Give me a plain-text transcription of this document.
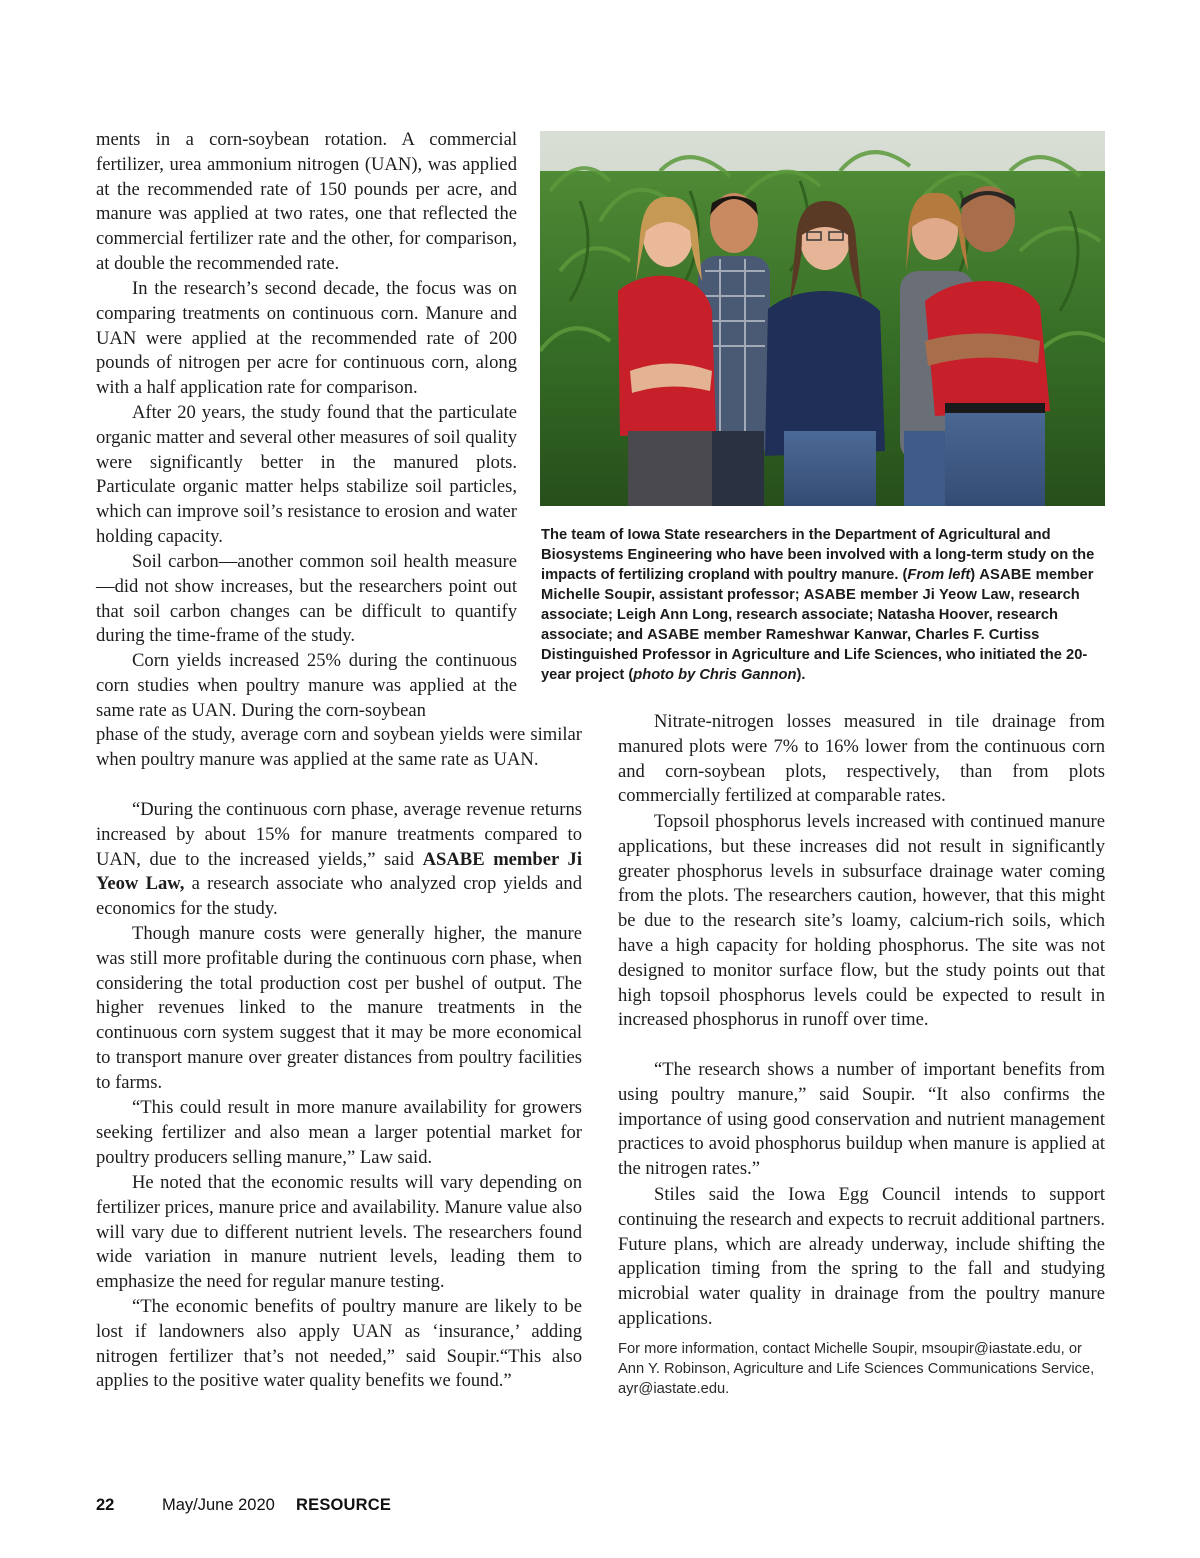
ments in a corn-soybean rotation. A commercial fertilizer, urea ammonium nitrogen (UAN), was applied at the recommended rate of 150 pounds per acre, and manure was applied at two rates, one that reflected the commercial fertilizer rate and the other, for comparison, at double the recommended rate.

In the research’s second decade, the focus was on comparing treatments on continuous corn. Manure and UAN were applied at the recommended rate of 200 pounds of nitrogen per acre for continuous corn, along with a half application rate for comparison.

After 20 years, the study found that the particulate organic matter and several other measures of soil quality were significantly better in the manured plots. Particulate organic matter helps stabilize soil particles, which can improve soil’s resistance to erosion and water holding capacity.

Soil carbon—another common soil health measure—did not show increases, but the researchers point out that soil carbon changes can be difficult to quantify during the time-frame of the study.

Corn yields increased 25% during the continuous corn studies when poultry manure was applied at the same rate as UAN. During the corn-soybean

phase of the study, average corn and soybean yields were similar when poultry manure was applied at the same rate as UAN.

“During the continuous corn phase, average revenue returns increased by about 15% for manure treatments compared to UAN, due to the increased yields,” said ASABE member Ji Yeow Law, a research associate who analyzed crop yields and economics for the study.

Though manure costs were generally higher, the manure was still more profitable during the continuous corn phase, when considering the total production cost per bushel of output. The higher revenues linked to the manure treatments in the continuous corn system suggest that it may be more economical to transport manure over greater distances from poultry facilities to farms.

“This could result in more manure availability for growers seeking fertilizer and also mean a larger potential market for poultry producers selling manure,” Law said.

He noted that the economic results will vary depending on fertilizer prices, manure price and availability. Manure value also will vary due to different nutrient levels. The researchers found wide variation in manure nutrient levels, leading them to emphasize the need for regular manure testing.

“The economic benefits of poultry manure are likely to be lost if landowners also apply UAN as ‘insurance,’ adding nitrogen fertilizer that’s not needed,” said Soupir.“This also applies to the positive water quality benefits we found.”

The team of Iowa State researchers in the Department of Agricultural and Biosystems Engineering who have been involved with a long-term study on the impacts of fertilizing cropland with poultry manure. (From left) ASABE member Michelle Soupir, assistant professor; ASABE member Ji Yeow Law, research associate; Leigh Ann Long, research associate; Natasha Hoover, research associate; and ASABE member Rameshwar Kanwar, Charles F. Curtiss Distinguished Professor in Agriculture and Life Sciences, who initiated the 20-year project (photo by Chris Gannon).

Nitrate-nitrogen losses measured in tile drainage from manured plots were 7% to 16% lower from the continuous corn and corn-soybean plots, respectively, than from plots commercially fertilized at comparable rates.

Topsoil phosphorus levels increased with continued manure applications, but these increases did not result in significantly greater phosphorus levels in subsurface drainage water coming from the plots. The researchers caution, however, that this might be due to the research site’s loamy, calcium-rich soils, which have a high capacity for holding phosphorus. The site was not designed to monitor surface flow, but the study points out that high topsoil phosphorus levels could be expected to result in increased phosphorus in runoff over time.

“The research shows a number of important benefits from using poultry manure,” said Soupir. “It also confirms the importance of using good conservation and nutrient management practices to avoid phosphorus buildup when manure is applied at the nitrogen rates.”

Stiles said the Iowa Egg Council intends to support continuing the research and expects to recruit additional partners. Future plans, which are already underway, include shifting the application timing from the spring to the fall and studying microbial water quality in drainage from the poultry manure applications.

For more information, contact Michelle Soupir, msoupir@iastate.edu, or Ann Y. Robinson, Agriculture and Life Sciences Communications Service, ayr@iastate.edu.

22	May/June 2020 RESOURCE
